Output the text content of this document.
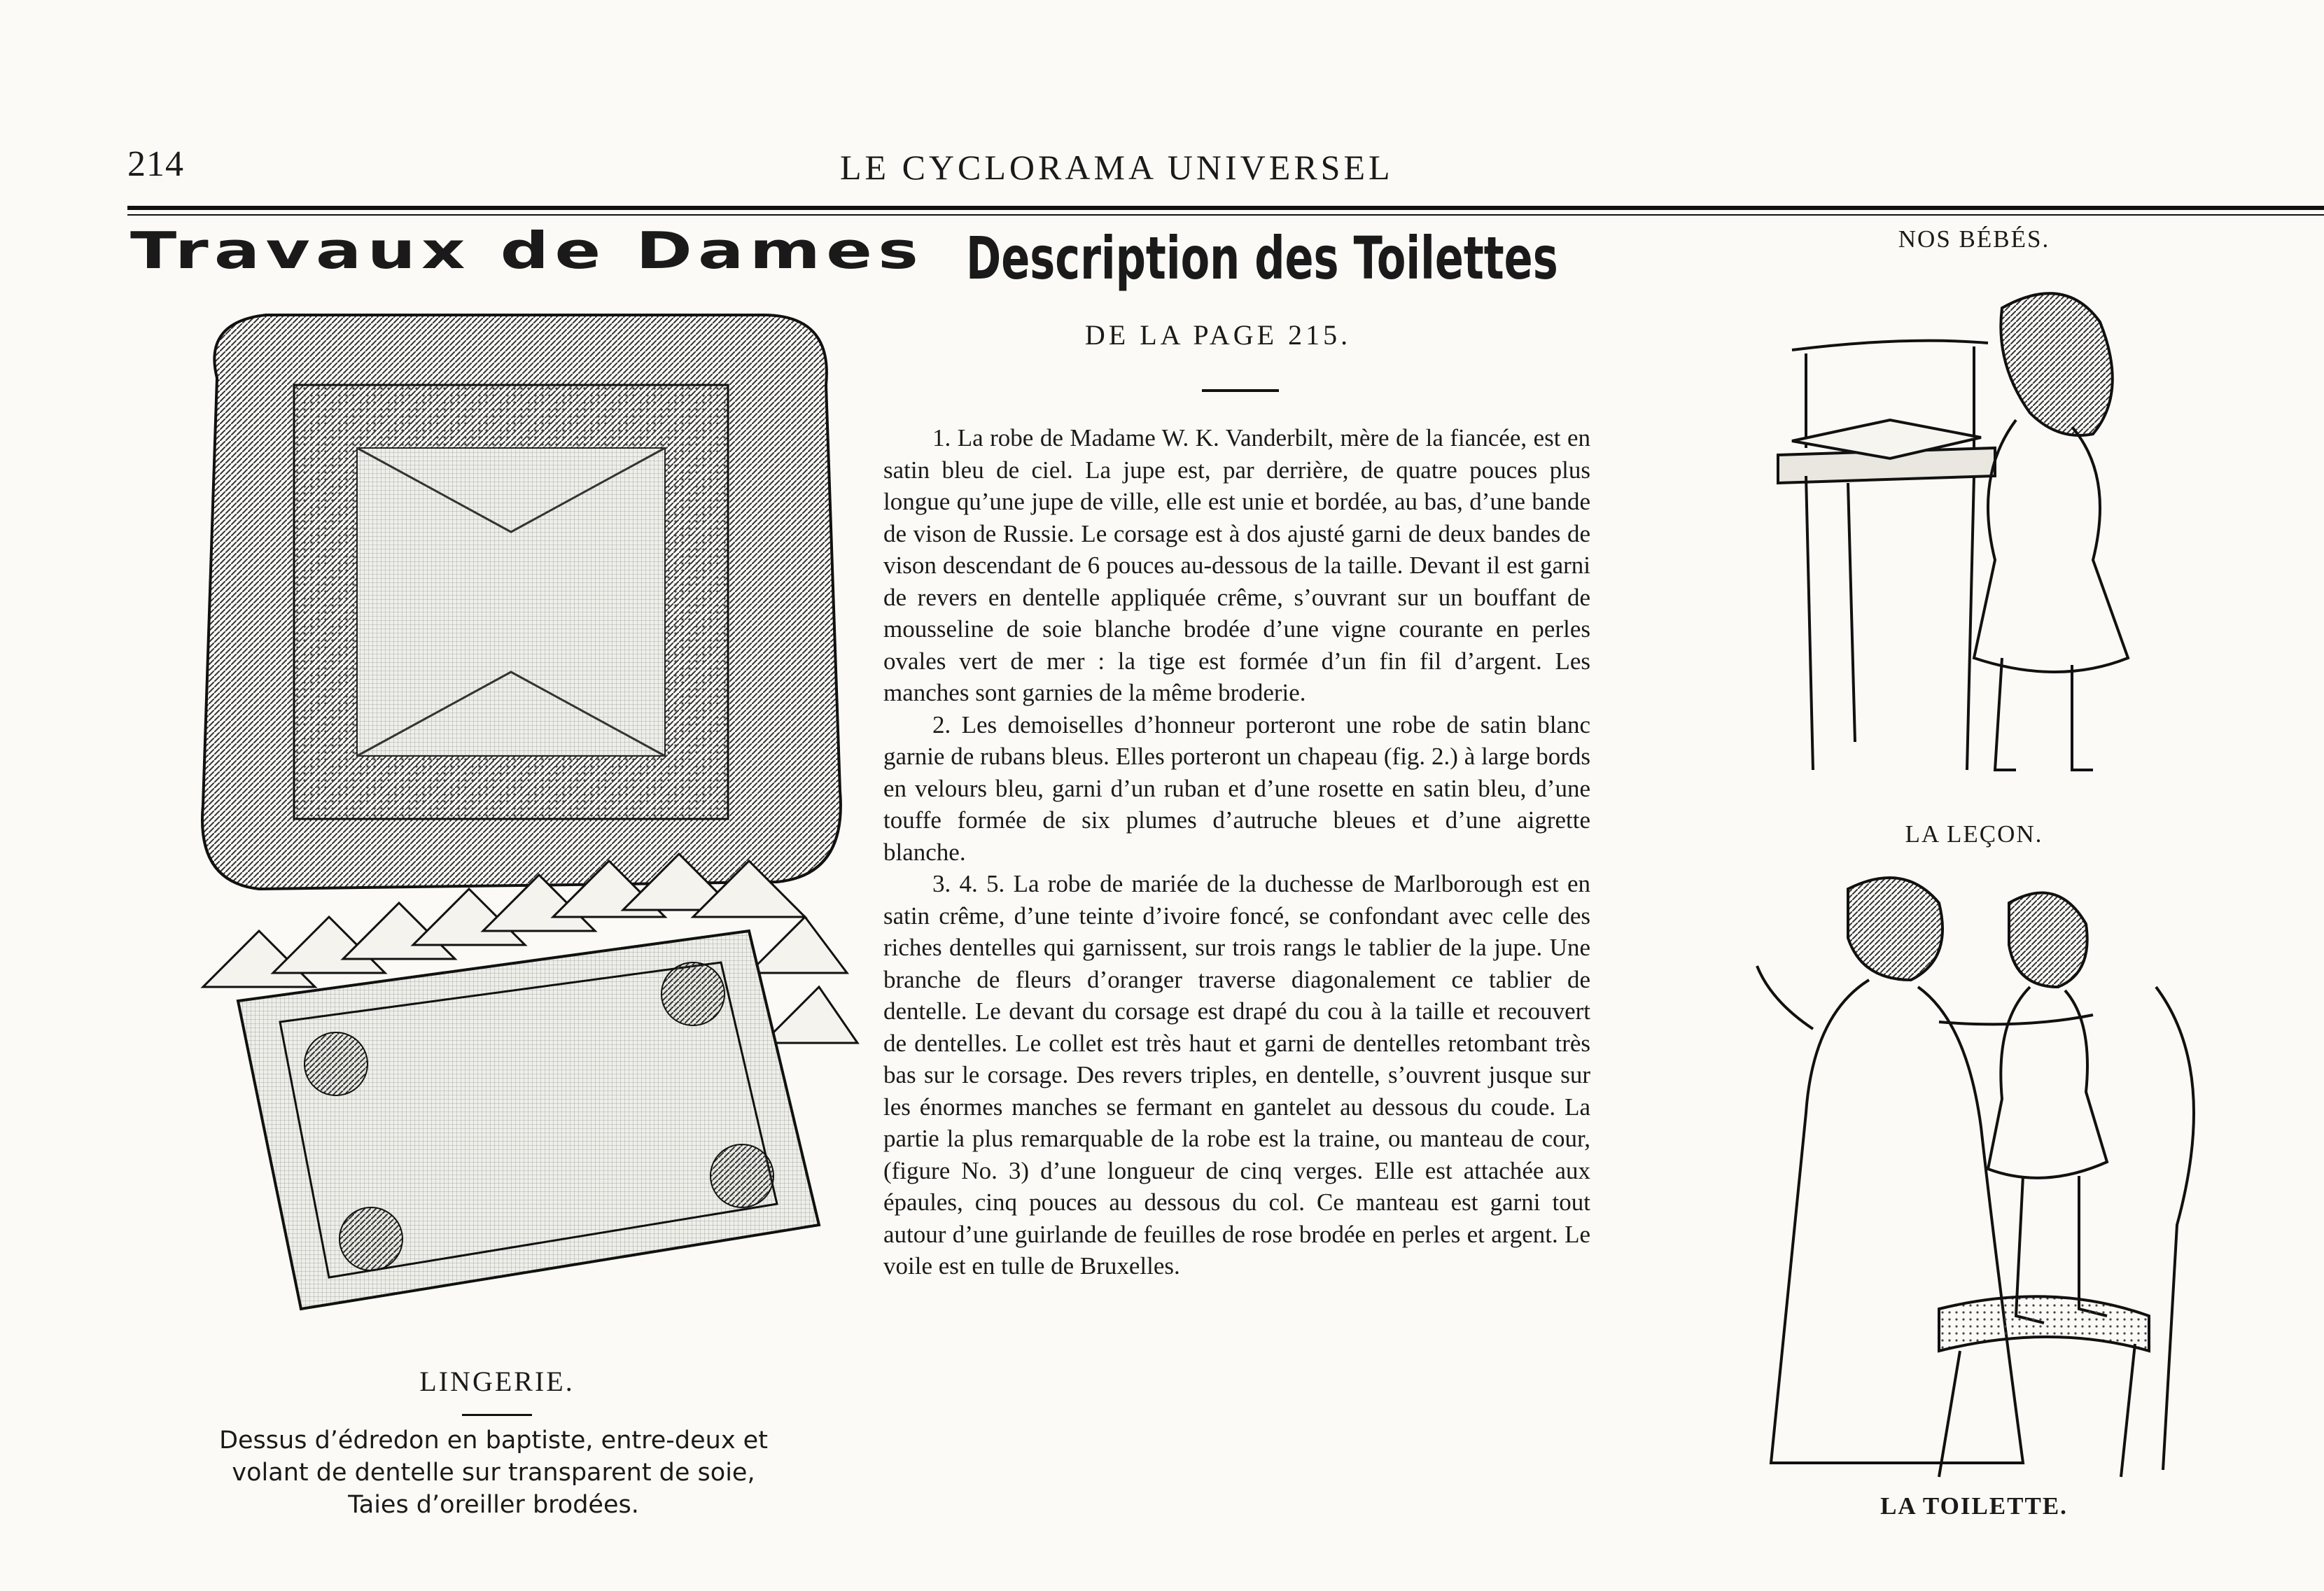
214	LE CYCLORAMA UNIVERSEL
Travaux de Dames
LINGERIE.
Dessus d’édredon en baptiste, entre-deux et
volant de dentelle sur transparent de soie,
Taies d’oreiller brodées.
Description des Toilettes
DE LA PAGE 215.

1. La robe de Madame W. K. Vanderbilt, mère de la fiancée, est en satin bleu de ciel. La jupe est, par derrière, de quatre pouces plus longue qu’une jupe de ville, elle est unie et bordée, au bas, d’une bande de vison de Russie. Le corsage est à dos ajusté garni de deux bandes de vison descendant de 6 pouces au-dessous de la taille. Devant il est garni de revers en dentelle appliquée crême, s’ouvrant sur un bouffant de mousseline de soie blanche brodée d’une vigne courante en perles ovales vert de mer : la tige est formée d’un fin fil d’argent. Les manches sont garnies de la même broderie.

2. Les demoiselles d’honneur porteront une robe de satin blanc garnie de rubans bleus. Elles porteront un chapeau (fig. 2.) à large bords en velours bleu, garni d’un ruban et d’une rosette en satin bleu, d’une touffe formée de six plumes d’autruche bleues et d’une aigrette blanche.

3. 4. 5. La robe de mariée de la duchesse de Marlborough est en satin crême, d’une teinte d’ivoire foncé, se confondant avec celle des riches dentelles qui garnissent, sur trois rangs le tablier de la jupe. Une branche de fleurs d’oranger traverse diagonalement ce tablier de dentelle. Le devant du corsage est drapé du cou à la taille et recouvert de dentelles. Le collet est très haut et garni de dentelles retombant très bas sur le corsage. Des revers triples, en dentelle, s’ouvrent jusque sur les énormes manches se fermant en gantelet au dessous du coude. La partie la plus remarquable de la robe est la traine, ou manteau de cour, (figure No. 3) d’une longueur de cinq verges. Elle est attachée aux épaules, cinq pouces au dessous du col. Ce manteau est garni tout autour d’une guirlande de feuilles de rose brodée en perles et argent. Le voile est en tulle de Bruxelles.

NOS BÉBÉS.
LA LEÇON.
LA TOILETTE.
